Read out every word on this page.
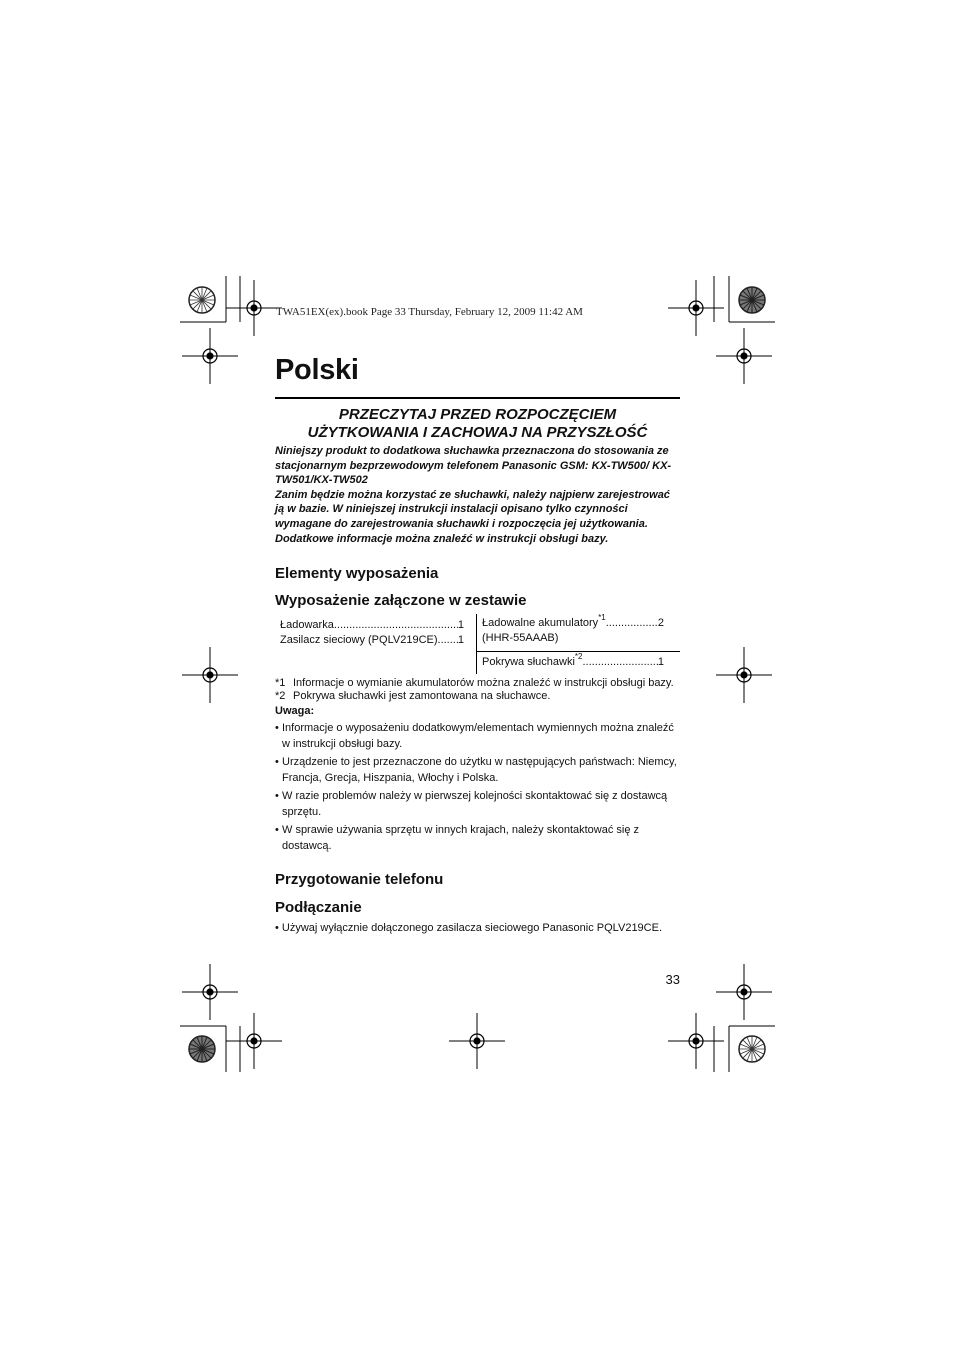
TWA51EX(ex).book Page 33 Thursday, February 12, 2009 11:42 AM
Polski
PRZECZYTAJ PRZED ROZPOCZĘCIEM
UŻYTKOWANIA I ZACHOWAJ NA PRZYSZŁOŚĆ

Niniejszy produkt to dodatkowa słuchawka przeznaczona do stosowania ze stacjonarnym bezprzewodowym telefonem Panasonic GSM: KX-TW500/ KX-TW501/KX-TW502

Zanim będzie można korzystać ze słuchawki, należy najpierw zarejestrować ją w bazie. W niniejszej instrukcji instalacji opisano tylko czynności wymagane do zarejestrowania słuchawki i rozpoczęcia jej użytkowania. Dodatkowe informacje można znaleźć w instrukcji obsługi bazy.

Elementy wyposażenia
Wyposażenie załączone w zestawie
Ładowarka .....	1
Zasilacz sieciowy (PQLV219CE) ..... 1
Ładowalne akumulatory$^{*1}$ .....	2
(HHR-55AAAB)
Pokrywa słuchawki$^{*2}$ .....	1
*1 Informacje o wymianie akumulatorów można znaleźć w instrukcji obsługi bazy.
*2 Pokrywa słuchawki jest zamontowana na słuchawce.
Uwaga:
• Informacje o wyposażeniu dodatkowym/elementach wymiennych można znaleźć w instrukcji obsługi bazy.
• Urządzenie to jest przeznaczone do użytku w następujących państwach: Niemcy, Francja, Grecja, Hiszpania, Włochy i Polska.
• W razie problemów należy w pierwszej kolejności skontaktować się z dostawcą sprzętu.
• W sprawie używania sprzętu w innych krajach, należy skontaktować się z dostawcą.
Przygotowanie telefonu
Podłączanie
• Używaj wyłącznie dołączonego zasilacza sieciowego Panasonic PQLV219CE.
33
